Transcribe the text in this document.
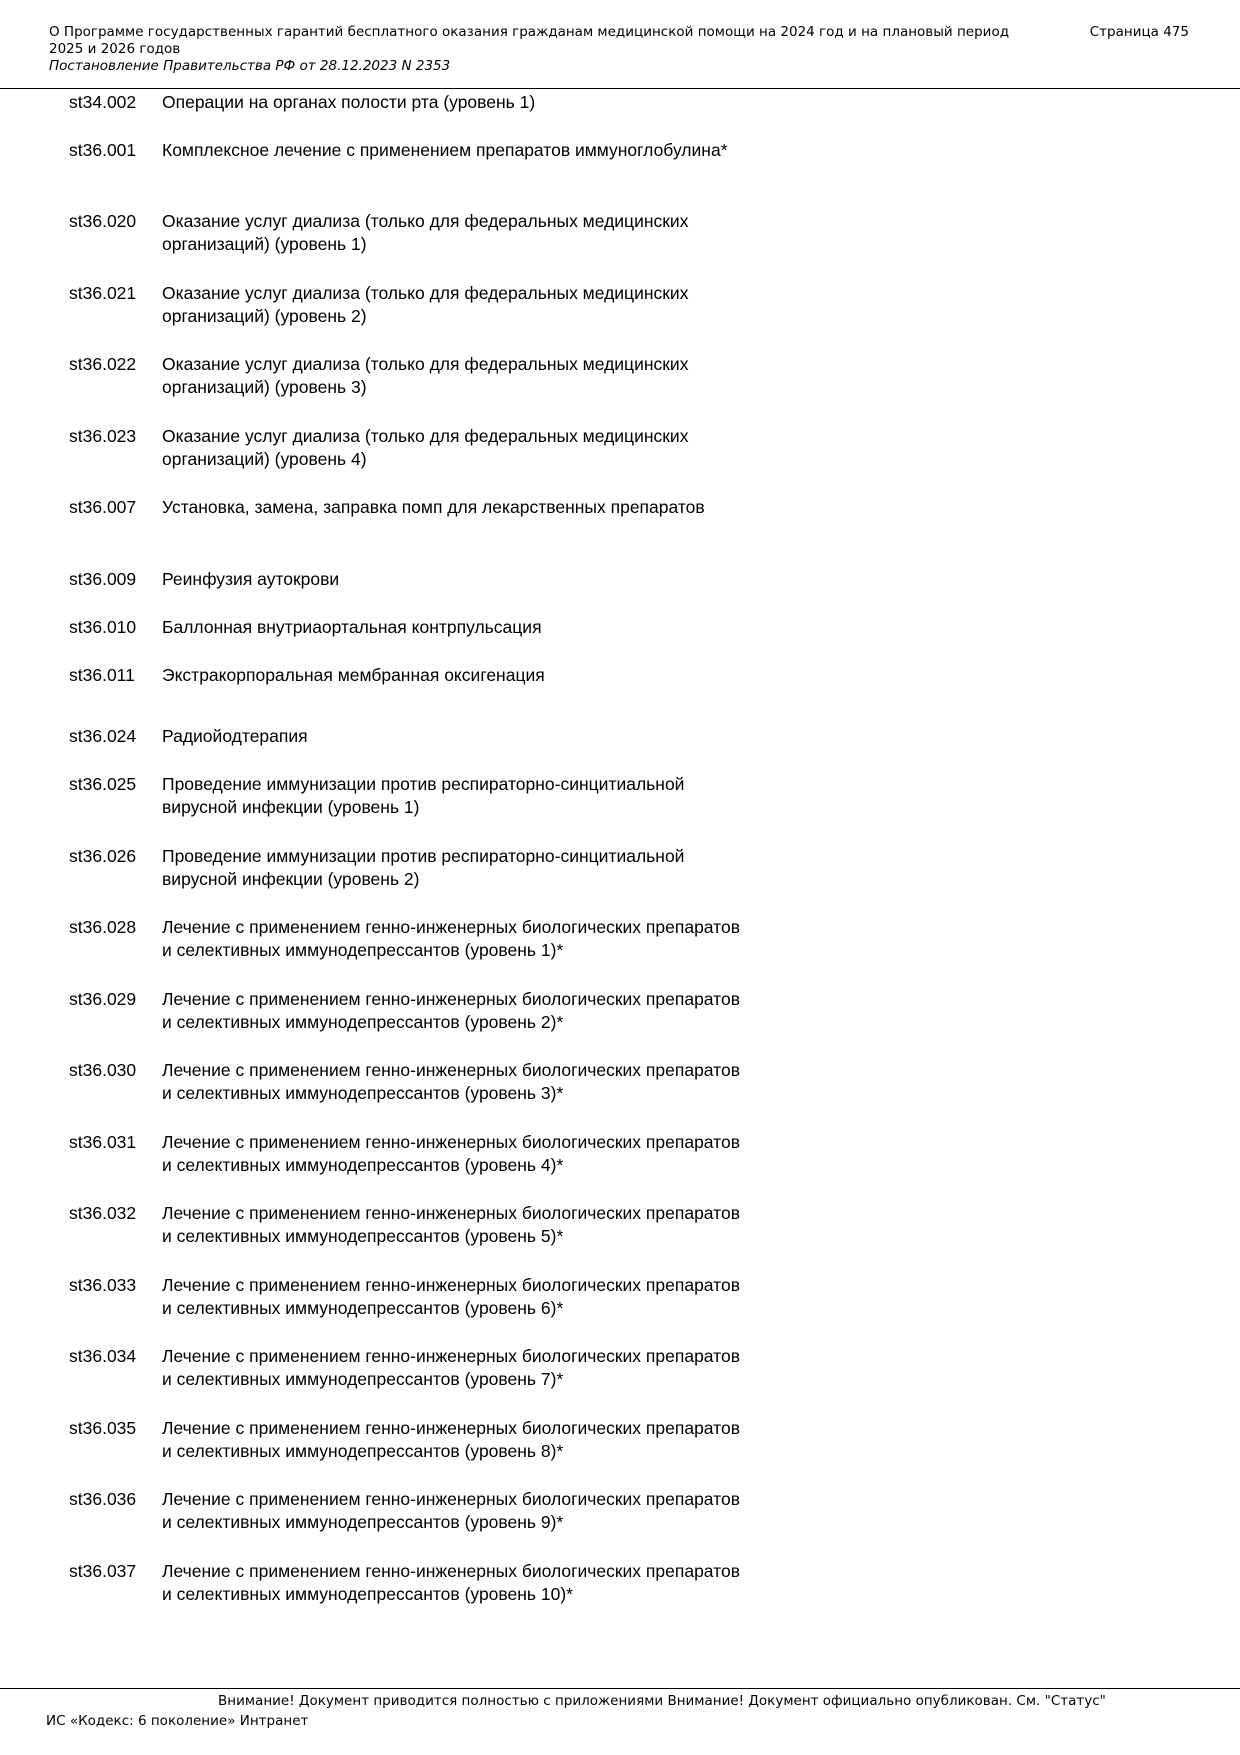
О Программе государственных гарантий бесплатного оказания гражданам медицинской помощи на 2024 год и на плановый период 2025 и 2026 годов
Постановление Правительства РФ от 28.12.2023 N 2353
Страница 475
st34.002	Операции на органах полости рта (уровень 1)
st36.001	Комплексное лечение с применением препаратов иммуноглобулина*
st36.020	Оказание услуг диализа (только для федеральных медицинских организаций) (уровень 1)
st36.021	Оказание услуг диализа (только для федеральных медицинских организаций) (уровень 2)
st36.022	Оказание услуг диализа (только для федеральных медицинских организаций) (уровень 3)
st36.023	Оказание услуг диализа (только для федеральных медицинских организаций) (уровень 4)
st36.007	Установка, замена, заправка помп для лекарственных препаратов
st36.009	Реинфузия аутокрови
st36.010	Баллонная внутриаортальная контрпульсация
st36.011	Экстракорпоральная мембранная оксигенация
st36.024	Радиойодтерапия
st36.025	Проведение иммунизации против респираторно-синцитиальной вирусной инфекции (уровень 1)
st36.026	Проведение иммунизации против респираторно-синцитиальной вирусной инфекции (уровень 2)
st36.028	Лечение с применением генно-инженерных биологических препаратов и селективных иммунодепрессантов (уровень 1)*
st36.029	Лечение с применением генно-инженерных биологических препаратов и селективных иммунодепрессантов (уровень 2)*
st36.030	Лечение с применением генно-инженерных биологических препаратов и селективных иммунодепрессантов (уровень 3)*
st36.031	Лечение с применением генно-инженерных биологических препаратов и селективных иммунодепрессантов (уровень 4)*
st36.032	Лечение с применением генно-инженерных биологических препаратов и селективных иммунодепрессантов (уровень 5)*
st36.033	Лечение с применением генно-инженерных биологических препаратов и селективных иммунодепрессантов (уровень 6)*
st36.034	Лечение с применением генно-инженерных биологических препаратов и селективных иммунодепрессантов (уровень 7)*
st36.035	Лечение с применением генно-инженерных биологических препаратов и селективных иммунодепрессантов (уровень 8)*
st36.036	Лечение с применением генно-инженерных биологических препаратов и селективных иммунодепрессантов (уровень 9)*
st36.037	Лечение с применением генно-инженерных биологических препаратов и селективных иммунодепрессантов (уровень 10)*
Внимание! Документ приводится полностью с приложениями Внимание! Документ официально опубликован. См. "Статус"
ИС «Кодекс: 6 поколение» Интранет
